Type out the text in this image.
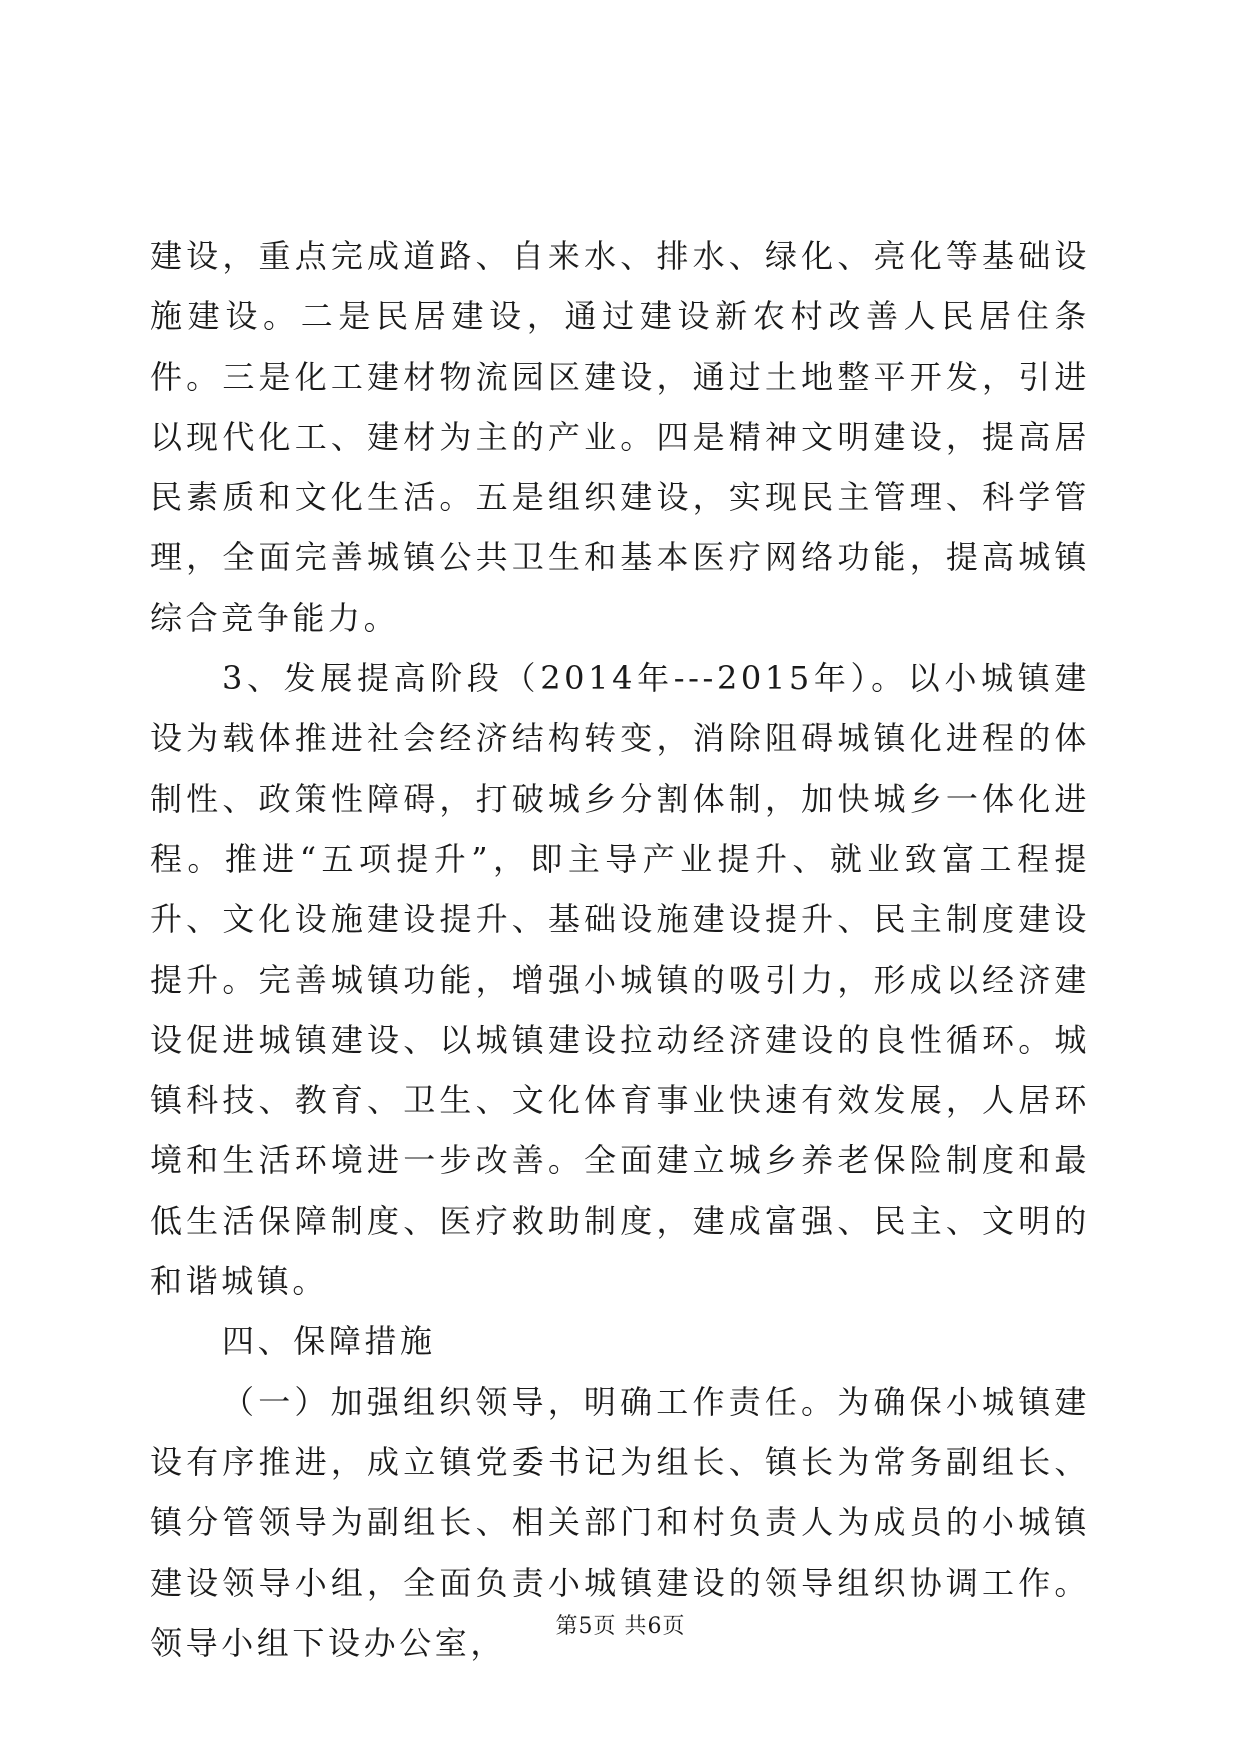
建设，重点完成道路、自来水、排水、绿化、亮化等基础设施建设。二是民居建设，通过建设新农村改善人民居住条件。三是化工建材物流园区建设，通过土地整平开发，引进以现代化工、建材为主的产业。四是精神文明建设，提高居民素质和文化生活。五是组织建设，实现民主管理、科学管理，全面完善城镇公共卫生和基本医疗网络功能，提高城镇综合竞争能力。

3、发展提高阶段（2014年---2015年）。以小城镇建设为载体推进社会经济结构转变，消除阻碍城镇化进程的体制性、政策性障碍，打破城乡分割体制，加快城乡一体化进程。推进“五项提升”，即主导产业提升、就业致富工程提升、文化设施建设提升、基础设施建设提升、民主制度建设提升。完善城镇功能，增强小城镇的吸引力，形成以经济建设促进城镇建设、以城镇建设拉动经济建设的良性循环。城镇科技、教育、卫生、文化体育事业快速有效发展，人居环境和生活环境进一步改善。全面建立城乡养老保险制度和最低生活保障制度、医疗救助制度，建成富强、民主、文明的和谐城镇。

四、保障措施

（一）加强组织领导，明确工作责任。为确保小城镇建设有序推进，成立镇党委书记为组长、镇长为常务副组长、镇分管领导为副组长、相关部门和村负责人为成员的小城镇建设领导小组，全面负责小城镇建设的领导组织协调工作。领导小组下设办公室，	第5页 共6页
